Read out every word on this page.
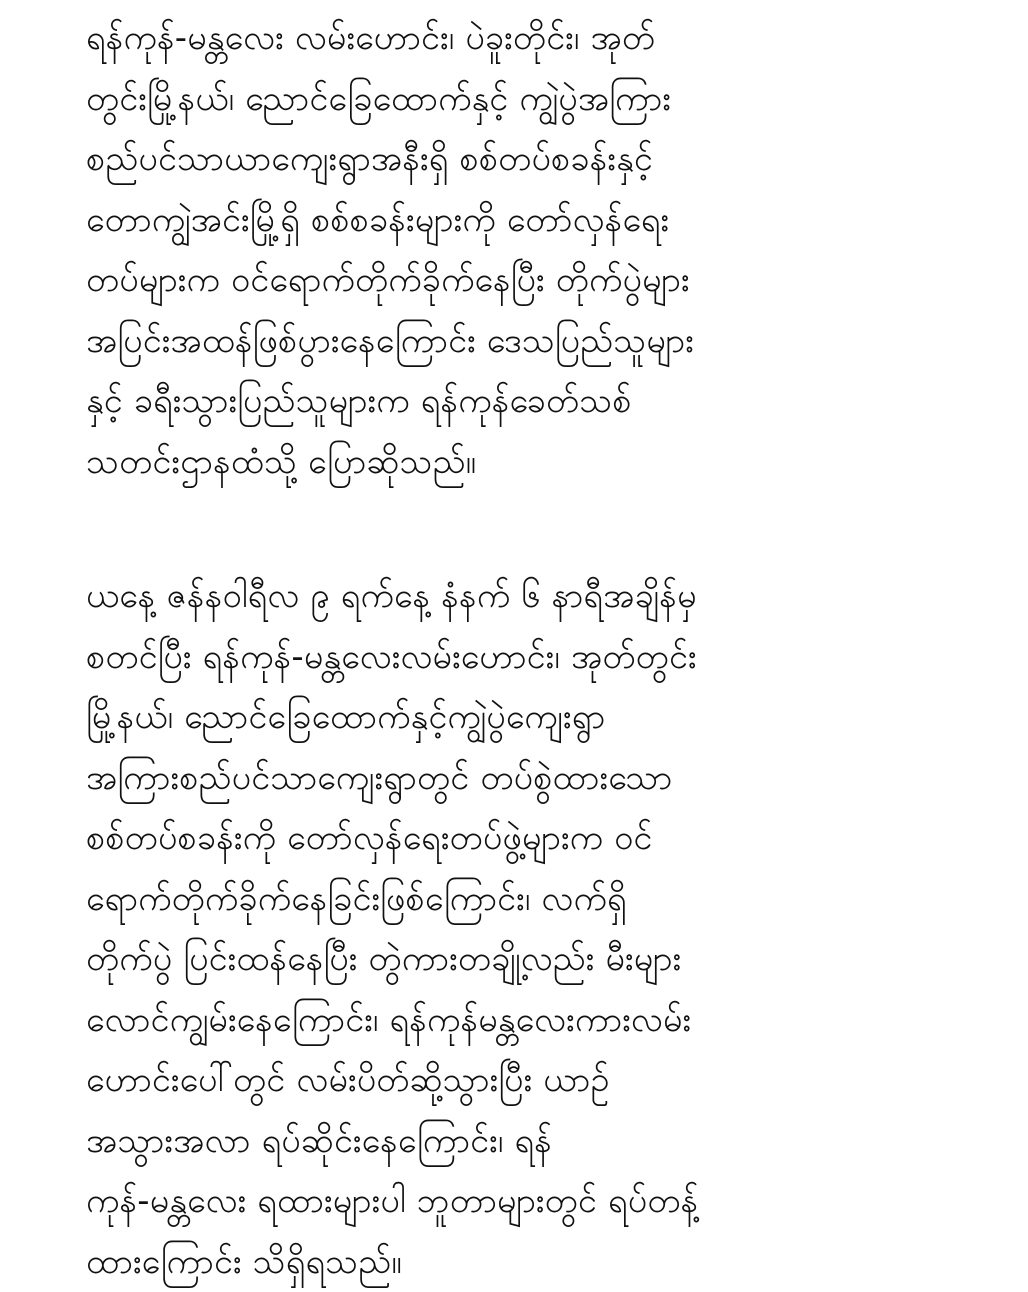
ရန်ကုန်-မန္တလေး လမ်းဟောင်း၊ ပဲခူးတိုင်း၊ အုတ်
တွင်းမြို့နယ်၊ ညောင်ခြေထောက်နှင့် ကျွဲပွဲအကြား
စည်ပင်သာယာကျေးရွာအနီးရှိ စစ်တပ်စခန်းနှင့်
တောကျွဲအင်းမြို့ရှိ စစ်စခန်းများကို တော်လှန်ရေး
တပ်များက ဝင်ရောက်တိုက်ခိုက်နေပြီး တိုက်ပွဲများ
အပြင်းအထန်ဖြစ်ပွားနေကြောင်း ဒေသပြည်သူများ
နှင့် ခရီးသွားပြည်သူများက ရန်ကုန်ခေတ်သစ်
သတင်းဌာနထံသို့ ပြောဆိုသည်။
ယနေ့ ဇန်နဝါရီလ ၉ ရက်နေ့ နံနက် ၆ နာရီအချိန်မှ
စတင်ပြီး ရန်ကုန်-မန္တလေးလမ်းဟောင်း၊ အုတ်တွင်း
မြို့နယ်၊ ညောင်ခြေထောက်နှင့်ကျွဲပွဲကျေးရွာ
အကြားစည်ပင်သာကျေးရွာတွင် တပ်စွဲထားသော
စစ်တပ်စခန်းကို တော်လှန်ရေးတပ်ဖွဲ့များက ဝင်
ရောက်တိုက်ခိုက်နေခြင်းဖြစ်ကြောင်း၊ လက်ရှိ
တိုက်ပွဲ ပြင်းထန်နေပြီး တွဲကားတချို့လည်း မီးများ
လောင်ကျွမ်းနေကြောင်း၊ ရန်ကုန်မန္တလေးကားလမ်း
ဟောင်းပေါ်တွင် လမ်းပိတ်ဆို့သွားပြီး ယာဉ်
အသွားအလာ ရပ်ဆိုင်းနေကြောင်း၊ ရန်
ကုန်-မန္တလေး ရထားများပါ ဘူတာများတွင် ရပ်တန့်
ထားကြောင်း သိရှိရသည်။
